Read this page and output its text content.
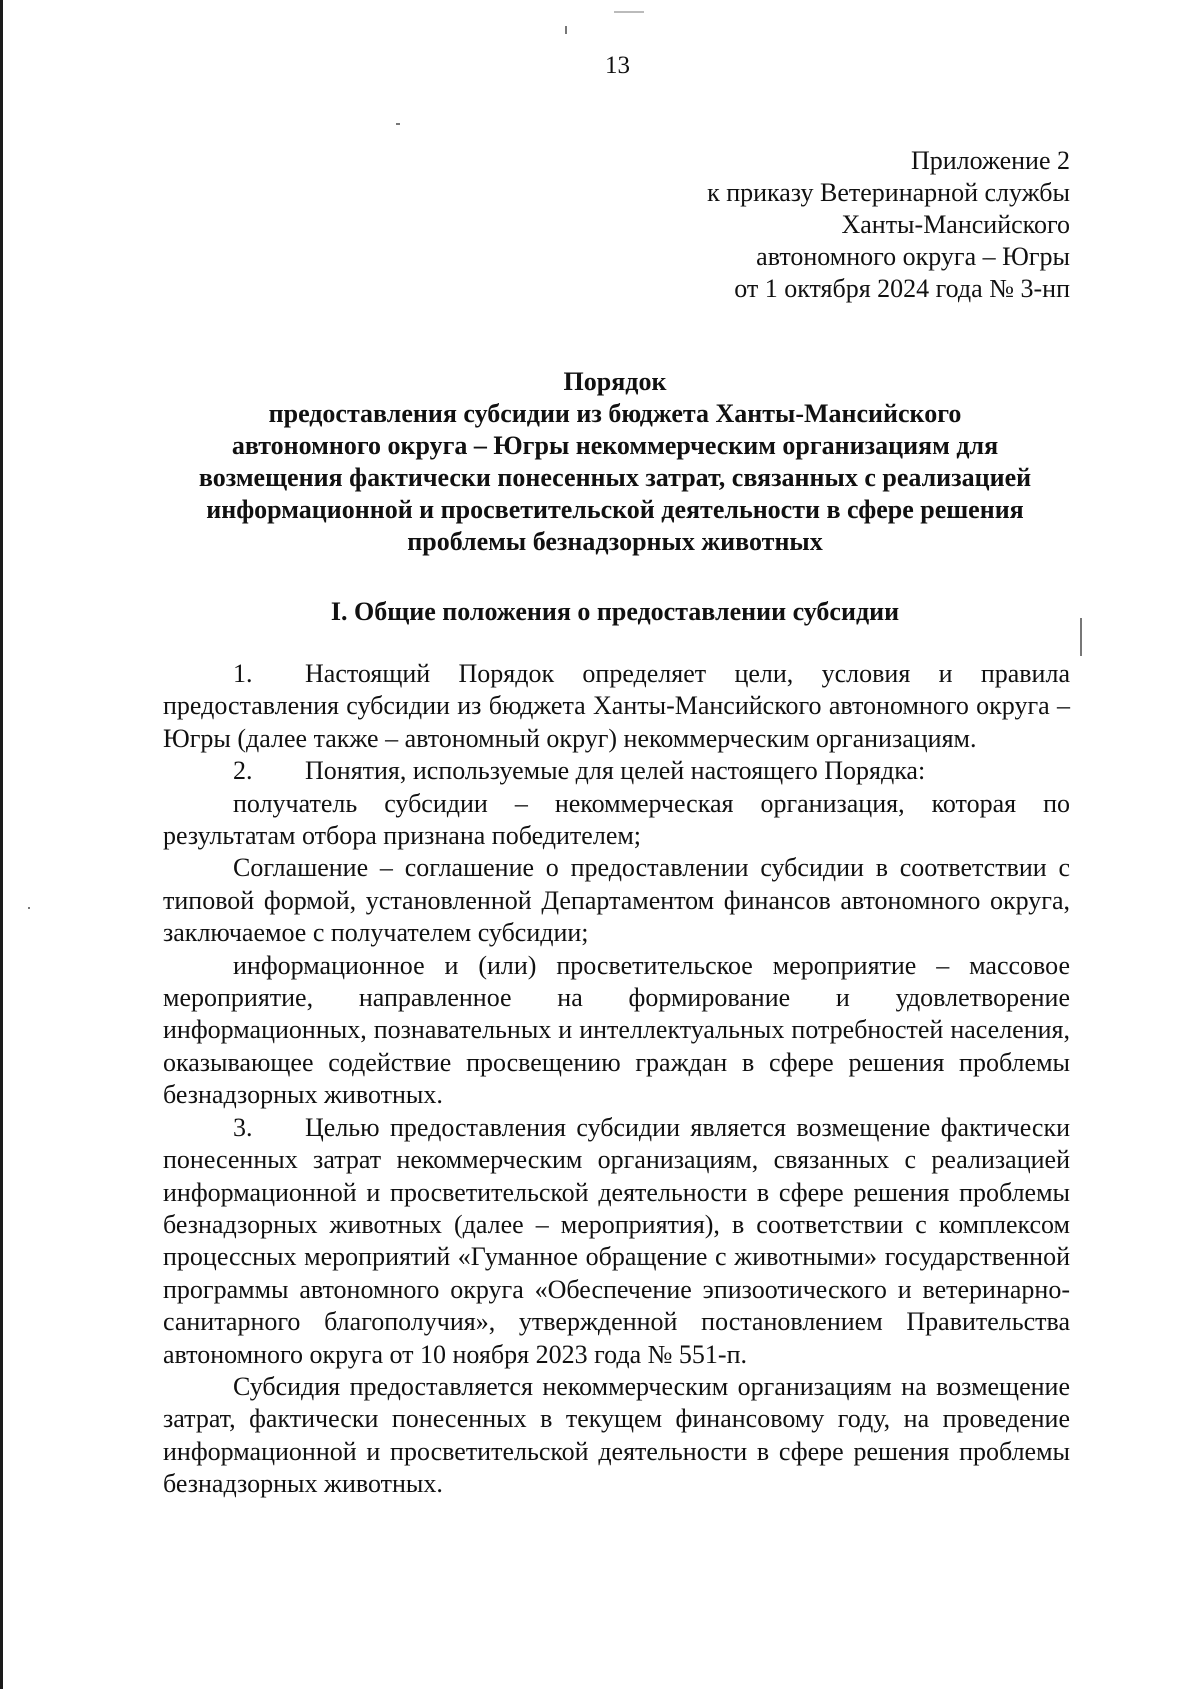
13
Приложение 2
к приказу Ветеринарной службы
Ханты-Мансийского
автономного округа – Югры
от 1 октября 2024 года № 3-нп
Порядок
предоставления субсидии из бюджета Ханты-Мансийского
автономного округа – Югры некоммерческим организациям для
возмещения фактически понесенных затрат, связанных с реализацией
информационной и просветительской деятельности в сфере решения
проблемы безнадзорных животных
I. Общие положения о предоставлении субсидии

1. Настоящий Порядок определяет цели, условия и правила предоставления субсидии из бюджета Ханты-Мансийского автономного округа – Югры (далее также – автономный округ) некоммерческим организациям.

2. Понятия, используемые для целей настоящего Порядка:

получатель субсидии – некоммерческая организация, которая по результатам отбора признана победителем;

Соглашение – соглашение о предоставлении субсидии в соответствии с типовой формой, установленной Департаментом финансов автономного округа, заключаемое с получателем субсидии;

информационное и (или) просветительское мероприятие – массовое мероприятие, направленное на формирование и удовлетворение информационных, познавательных и интеллектуальных потребностей населения, оказывающее содействие просвещению граждан в сфере решения проблемы безнадзорных животных.

3. Целью предоставления субсидии является возмещение фактически понесенных затрат некоммерческим организациям, связанных с реализацией информационной и просветительской деятельности в сфере решения проблемы безнадзорных животных (далее – мероприятия), в соответствии с комплексом процессных мероприятий «Гуманное обращение с животными» государственной программы автономного округа «Обеспечение эпизоотического и ветеринарно-санитарного благополучия», утвержденной постановлением Правительства автономного округа от 10 ноября 2023 года № 551-п.

Субсидия предоставляется некоммерческим организациям на возмещение затрат, фактически понесенных в текущем финансовому году, на проведение информационной и просветительской деятельности в сфере решения проблемы безнадзорных животных.
